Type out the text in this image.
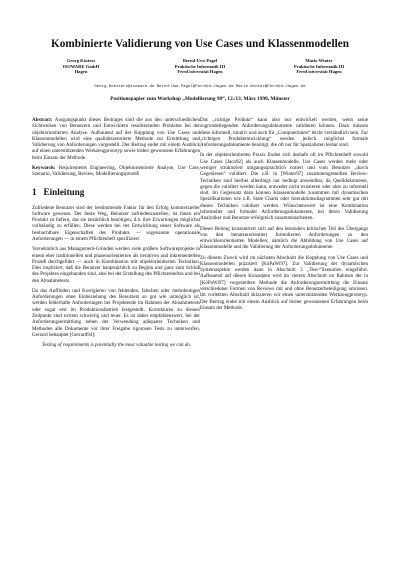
Kombinierte Validierung von Use Cases und Klassenmodellen
Georg Kösters
ISOWARE GmbH
Hagen
Bernd-Uwe Pagel
Praktische Informatik III
FernUniversität Hagen
Mario Winter
Praktische Informatik III
FernUniversität Hagen
Georg.Koesters@isoware.de Bernd-Uwe.Pagel@FernUni-Hagen.de Mario.Winter@FernUni-Hagen.de
Positionspapier zum Workshop „Modellierung 98“, 12./13. März 1998, Münster

Abstract: Ausgangspunkt dieses Beitrages sind die aus den unterschiedlichen Sichtweisen von Benutzern und Entwicklern resultierenden Probleme bei der objektorientierten Analyse. Aufbauend auf der Kopplung von Use Cases und Klassenmodellen wird eine qualitätszentrierte Methode zur Ermittlung und Validierung von Anforderungen vorgestellt. Der Beitrag endet mit einem Ausblick auf einen unterstützenden Werkzeugprototyp sowie bisher gewonnene Erfahrungen beim Einsatz der Methode.

Keywords: Requirements Engineering, Objektorientierte Analyse, Use Case, Szenario, Validierung, Review, Modellierungsprozeß

1 Einleitung

Zufriedene Benutzer sind der bestimmende Faktor für den Erfolg kommerzieller Software gewesen. Der beste Weg, Benutzer zufriedenzustellen, ist ihnen ein Produkt zu liefern, das sie tatsächlich benötigen, d.h. ihre Erwartungen möglichst vollständig zu erfüllen. Diese werden bei der Entwicklung neuer Software als beobachtbare Eigenschaften des Produkts — sogenannte operationale Anforderungen — in einem Pflichtenheft spezifiziert.

Vornehmlich aus Management-Gründen werden viele größere Softwareprojekte in einem eher traditionellen und phasenorientierten als iterativen und inkrementellen Prozeß durchgeführt — auch in Kombination mit objektorientierten Techniken. Dies impliziert, daß die Benutzer hauptsächlich zu Beginn und ganz zum Schluß des Projektes eingebunden sind, also bei der Erstellung des Pflichtenheftes und bei den Abnahmetests.

Da das Auffinden und Korrigieren von fehlenden, falschen oder mehrdeutigen Anforderungen ohne Einbeziehung des Benutzers so gut wie unmöglich ist, werden fehlerhafte Anforderungen bei Projektende im Rahmen der Abnahmetests oder sogar erst im Produktionsbetrieb festgestellt. Korrekturen zu diesem Zeitpunkt sind extrem schwierig und teuer. Es ist daher empfehlenswert, bei der Anforderungsermittlung neben der Verwendung adäquater Techniken und Methoden alle Dokumente vor ihrer Freigabe rigorosen Tests zu unterwerfen. Gerrard behauptet [Gerrard94]:

Testing of requirements is potentially the most valuable testing we can do.

Das „richtige Produkt“ kann also nur entwickelt werden, wenn seine zugrundeliegenden Anforderungsdokumente validieren können. Dazu müssen diese informell, intuitiv und auch für „Computerlaien“ leicht verständlich sein. Zur „richtigen Produktentwicklung“ werden jedoch möglichst formale Anforderungsdokumente benötigt, die oft nur für Spezialisten lesbar sind.

In der objektorientierten Praxis finden sich deshalb oft im Pflichtenheft sowohl Use Cases [Jaco92] als auch Klassenmodelle. Use Cases werden mehr oder weniger strukturiert umgangssprachlich notiert und vom Benutzer „durch Gegenlesen“ validiert. Die z.B. in [Winter97] zusammengestellten Review-Techniken sind hierbei allerdings nur bedingt anwendbar, da Quelldokumente, gegen die validiert werden kann, entweder nicht existieren oder aber zu informell sind. Im Gegensatz dazu können Klassenmodelle zusammen mit dynamischen Spezifikationen wie z.B. State Charts oder Interaktionsdiagrammen sehr gut mit diesen Techniken validiert werden. Wünschenswert ist eine Kombination informeller und formaler Anforderungsdokumente, bei deren Validierung Analytiker und Benutzer erfolgreich zusammenarbeiten.

Dieser Beitrag konzentriert sich auf den besonders kritischen Teil des Übergangs von den benutzerorientiert formulierten Anforderungen zu den entwicklerorientierten Modellen; nämlich die Abbildung von Use Cases auf Klassenmodelle und die Validierung der Anforderungsdokumente.

Zu diesem Zweck wird im nächsten Abschnitt die Kopplung von Use Cases und Klassenmodellen präzisiert [KöPaWi97]. Zur Validierung der dynamischen Systemaspekte werden dann in Abschnitt 3 „Test-“Szenarien eingeführt. Aufbauend auf diesen Konzepten wird im vierten Abschnitt im Rahmen der in [KöPaWi97] vorgestellten Methode die Anforderungsermittlung die Einsatz verschiedener Formen von Reviews mit und ohne Benutzerbeteiligung umrissen. Im vorletzten Abschnitt skizzieren wir einen unterstützenden Werkzeugprototyp. Der Beitrag endet mit einem Ausblick auf bisher gewonnenen Erfahrungen beim Einsatz der Methode.
